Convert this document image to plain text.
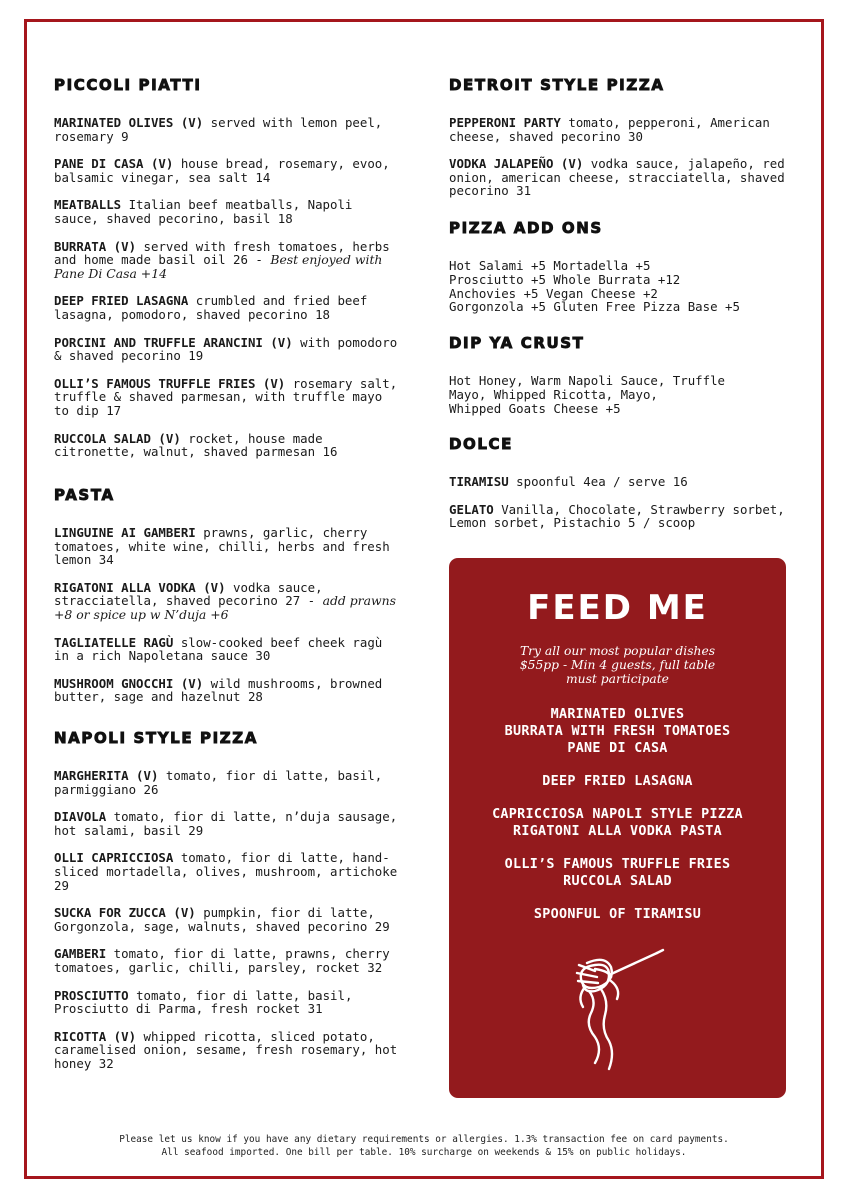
PICCOLI PIATTI
MARINATED OLIVES (V) served with lemon peel, rosemary 9
PANE DI CASA (V) house bread, rosemary, evoo, balsamic vinegar, sea salt 14
MEATBALLS Italian beef meatballs, Napoli sauce, shaved pecorino, basil 18
BURRATA (V) served with fresh tomatoes, herbs and home made basil oil 26 - Best enjoyed with Pane Di Casa +14
DEEP FRIED LASAGNA crumbled and fried beef lasagna, pomodoro, shaved pecorino 18
PORCINI AND TRUFFLE ARANCINI (V) with pomodoro & shaved pecorino 19
OLLI’S FAMOUS TRUFFLE FRIES (V) rosemary salt, truffle & shaved parmesan, with truffle mayo to dip 17
RUCCOLA SALAD (V) rocket, house made citronette, walnut, shaved parmesan 16
PASTA
LINGUINE AI GAMBERI prawns, garlic, cherry tomatoes, white wine, chilli, herbs and fresh lemon 34
RIGATONI ALLA VODKA (V) vodka sauce, stracciatella, shaved pecorino 27 - add prawns +8 or spice up w N’duja +6
TAGLIATELLE RAGÙ slow-cooked beef cheek ragù in a rich Napoletana sauce 30
MUSHROOM GNOCCHI (V) wild mushrooms, browned butter, sage and hazelnut 28
NAPOLI STYLE PIZZA
MARGHERITA (V) tomato, fior di latte, basil, parmiggiano 26
DIAVOLA tomato, fior di latte, n’duja sausage, hot salami, basil 29
OLLI CAPRICCIOSA tomato, fior di latte, hand-sliced mortadella, olives, mushroom, artichoke 29
SUCKA FOR ZUCCA (V) pumpkin, fior di latte, Gorgonzola, sage, walnuts, shaved pecorino 29
GAMBERI tomato, fior di latte, prawns, cherry tomatoes, garlic, chilli, parsley, rocket 32
PROSCIUTTO tomato, fior di latte, basil, Prosciutto di Parma, fresh rocket 31
RICOTTA (V) whipped ricotta, sliced potato, caramelised onion, sesame, fresh rosemary, hot honey 32
DETROIT STYLE PIZZA
PEPPERONI PARTY tomato, pepperoni, American cheese, shaved pecorino 30
VODKA JALAPEÑO (V) vodka sauce, jalapeño, red onion, american cheese, stracciatella, shaved pecorino 31
PIZZA ADD ONS
Hot Salami +5 Mortadella +5
Prosciutto +5 Whole Burrata +12
Anchovies +5 Vegan Cheese +2
Gorgonzola +5 Gluten Free Pizza Base +5
DIP YA CRUST
Hot Honey, Warm Napoli Sauce, Truffle
Mayo, Whipped Ricotta, Mayo,
Whipped Goats Cheese +5
DOLCE
TIRAMISU spoonful 4ea / serve 16
GELATO Vanilla, Chocolate, Strawberry sorbet, Lemon sorbet, Pistachio 5 / scoop
FEED ME
Try all our most popular dishes
$55pp - Min 4 guests, full table
must participate
MARINATED OLIVES
BURRATA WITH FRESH TOMATOES
PANE DI CASA
DEEP FRIED LASAGNA
CAPRICCIOSA NAPOLI STYLE PIZZA
RIGATONI ALLA VODKA PASTA
OLLI’S FAMOUS TRUFFLE FRIES
RUCCOLA SALAD
SPOONFUL OF TIRAMISU
Please let us know if you have any dietary requirements or allergies. 1.3% transaction fee on card payments.
All seafood imported. One bill per table. 10% surcharge on weekends & 15% on public holidays.
